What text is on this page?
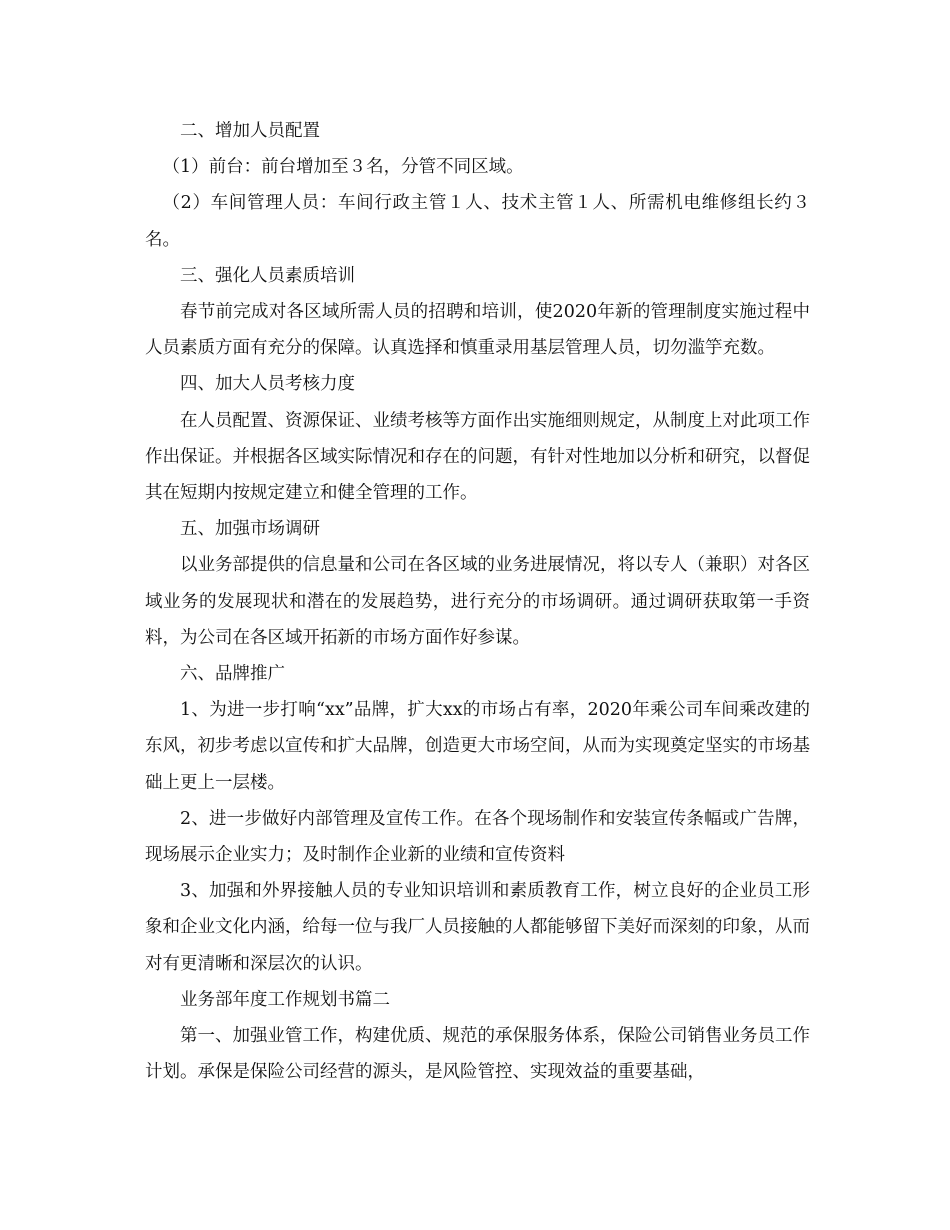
二、增加人员配置

（1）前台：前台增加至３名，分管不同区域。

（2）车间管理人员：车间行政主管１人、技术主管１人、所需机电维修组长约３名。

三、强化人员素质培训

春节前完成对各区域所需人员的招聘和培训，使2020年新的管理制度实施过程中人员素质方面有充分的保障。认真选择和慎重录用基层管理人员，切勿滥竽充数。

四、加大人员考核力度

在人员配置、资源保证、业绩考核等方面作出实施细则规定，从制度上对此项工作作出保证。并根据各区域实际情况和存在的问题，有针对性地加以分析和研究，以督促其在短期内按规定建立和健全管理的工作。

五、加强市场调研

以业务部提供的信息量和公司在各区域的业务进展情况，将以专人（兼职）对各区域业务的发展现状和潜在的发展趋势，进行充分的市场调研。通过调研获取第一手资料，为公司在各区域开拓新的市场方面作好参谋。

六、品牌推广

1、为进一步打响“xx”品牌，扩大xx的市场占有率，2020年乘公司车间乘改建的东风，初步考虑以宣传和扩大品牌，创造更大市场空间，从而为实现奠定坚实的市场基础上更上一层楼。

2、进一步做好内部管理及宣传工作。在各个现场制作和安装宣传条幅或广告牌，现场展示企业实力；及时制作企业新的业绩和宣传资料

3、加强和外界接触人员的专业知识培训和素质教育工作，树立良好的企业员工形象和企业文化内涵，给每一位与我厂人员接触的人都能够留下美好而深刻的印象，从而对有更清晰和深层次的认识。

业务部年度工作规划书篇二

第一、加强业管工作，构建优质、规范的承保服务体系，保险公司销售业务员工作计划。承保是保险公司经营的源头，是风险管控、实现效益的重要基础，
